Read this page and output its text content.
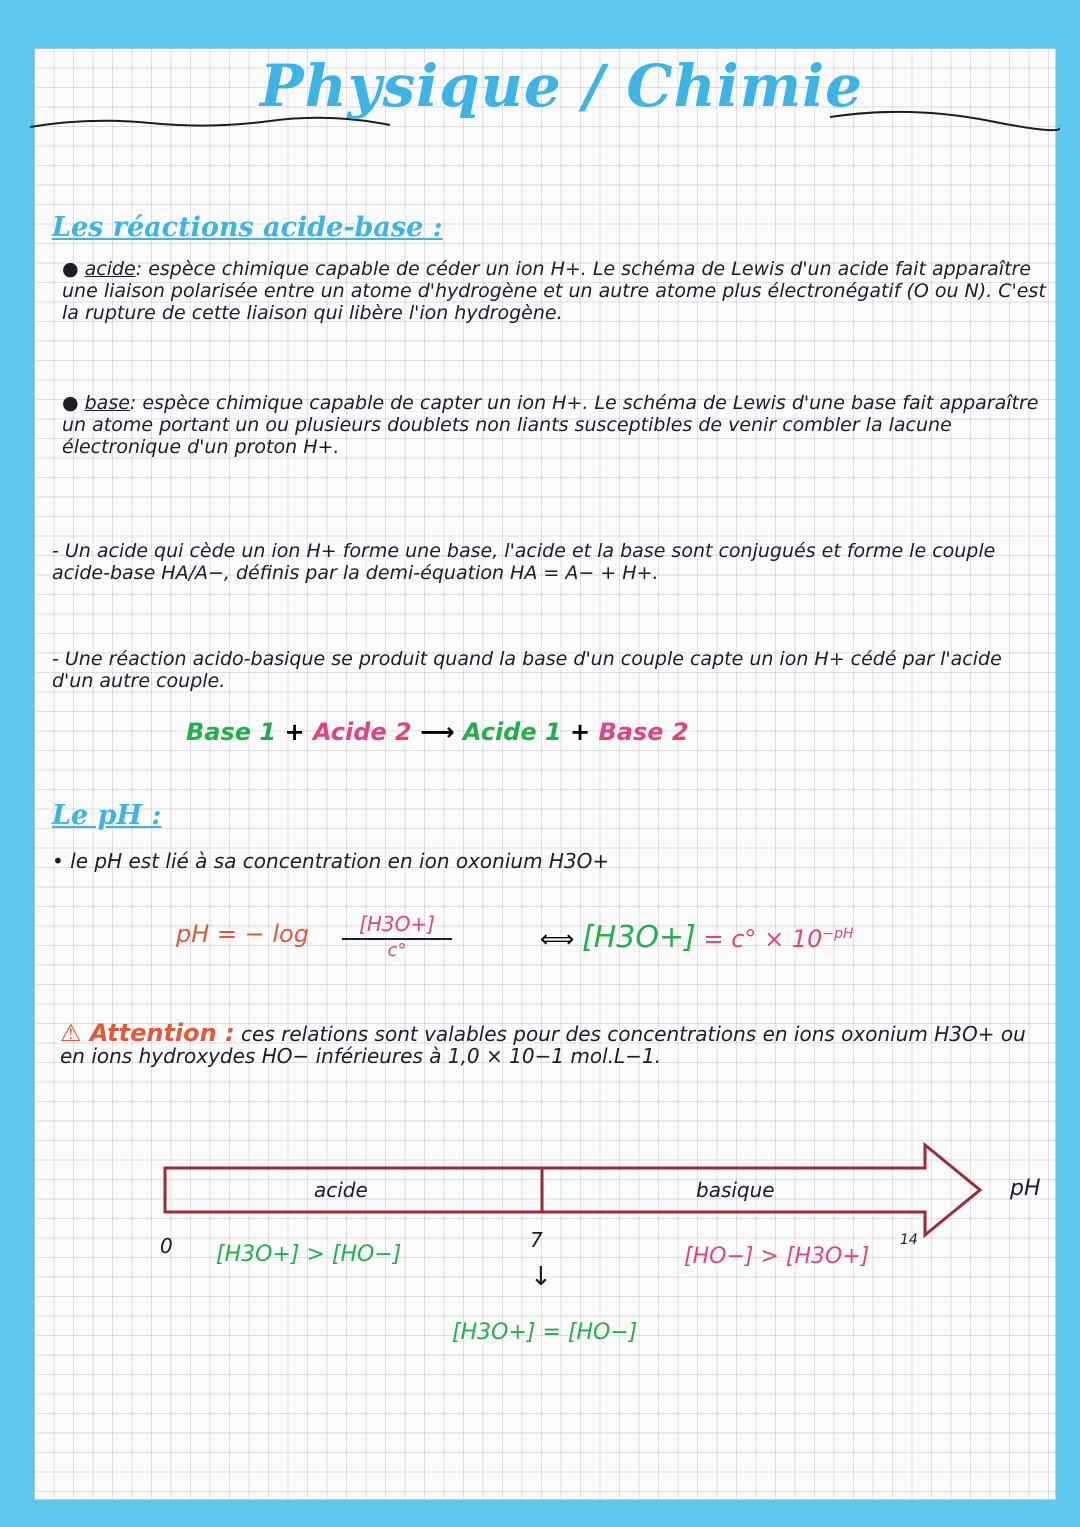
Physique / Chimie
Les réactions acide-base :
● acide: espèce chimique capable de céder un ion H+. Le schéma de Lewis d'un acide fait apparaître une liaison polarisée entre un atome d'hydrogène et un autre atome plus électronégatif (O ou N). C'est la rupture de cette liaison qui libère l'ion hydrogène.
● base: espèce chimique capable de capter un ion H+. Le schéma de Lewis d'une base fait apparaître un atome portant un ou plusieurs doublets non liants susceptibles de venir combler la lacune électronique d'un proton H+.
- Un acide qui cède un ion H+ forme une base, l'acide et la base sont conjugués et forme le couple acide-base HA/A−, définis par la demi-équation HA = A− + H+.
- Une réaction acido-basique se produit quand la base d'un couple capte un ion H+ cédé par l'acide d'un autre couple.
Base 1 + Acide 2 ⟶ Acide 1 + Base 2
Le pH :
• le pH est lié à sa concentration en ion oxonium H3O+
pH = − $\log \frac{[H3O+]}{c^\circ}$	⟺ $[H3O+] = c^\circ \times 10^{-pH}$
⚠ Attention : ces relations sont valables pour des concentrations en ions oxonium H3O+ ou en ions hydroxydes HO− inférieures à 1,0 × 10−1 mol.L−1.
acide	basique	pH
0	7	14
[H3O+] > [HO−]	[HO−] > [H3O+]
↓
[H3O+] = [HO−]
